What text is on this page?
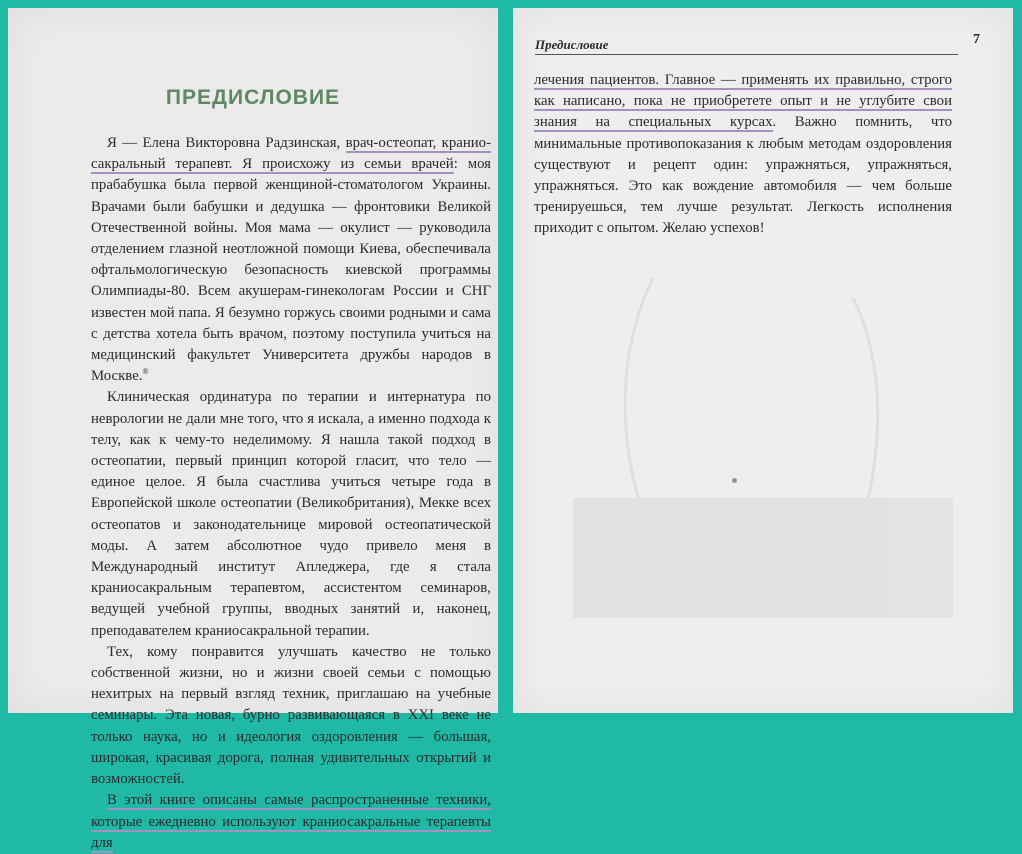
ПРЕДИСЛОВИЕ

Я — Елена Викторовна Радзинская, врач-остеопат, краниосакральный терапевт. Я происхожу из семьи врачей: моя прабабушка была первой женщиной-стоматологом Украины. Врачами были бабушки и дедушка — фронтовики Великой Отечественной войны. Моя мама — окулист — руководила отделением глазной неотложной помощи Киева, обеспечивала офтальмологическую безопасность киевской программы Олимпиады-80. Всем акушерам-гинекологам России и СНГ известен мой папа. Я безумно горжусь своими родными и сама с детства хотела быть врачом, поэтому поступила учиться на медицинский факультет Университета дружбы народов в Москве.®

Клиническая ординатура по терапии и интернатура по неврологии не дали мне того, что я искала, а именно подхода к телу, как к чему-то неделимому. Я нашла такой подход в остеопатии, первый принцип которой гласит, что тело — единое целое. Я была счастлива учиться четыре года в Европейской школе остеопатии (Великобритания), Мекке всех остеопатов и законодательнице мировой остеопатической моды. А затем абсолютное чудо привело меня в Международный институт Апледжера, где я стала краниосакральным терапевтом, ассистентом семинаров, ведущей учебной группы, вводных занятий и, наконец, преподавателем краниосакральной терапии.

Тех, кому понравится улучшать качество не только собственной жизни, но и жизни своей семьи с помощью нехитрых на первый взгляд техник, приглашаю на учебные семинары. Эта новая, бурно развивающаяся в XXI веке не только наука, но и идеология оздоровления — большая, широкая, красивая дорога, полная удивительных открытий и возможностей.

В этой книге описаны самые распространенные техники, которые ежедневно используют краниосакральные терапевты для

Предисловие	7

лечения пациентов. Главное — применять их правильно, строго как написано, пока не приобретете опыт и не углубите свои знания на специальных курсах. Важно помнить, что минимальные противопоказания к любым методам оздоровления существуют и рецепт один: упражняться, упражняться, упражняться. Это как вождение автомобиля — чем больше тренируешься, тем лучше результат. Легкость исполнения приходит с опытом. Желаю успехов!
